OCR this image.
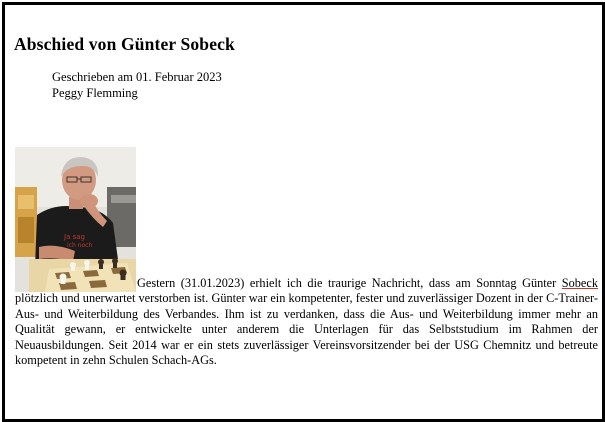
Abschied von Günter Sobeck
Geschrieben am 01. Februar 2023
Peggy Flemming
Ja sag
ich noch

Gestern (31.01.2023) erhielt ich die traurige Nachricht, dass am Sonntag Günter Sobeck plötzlich und unerwartet verstorben ist. Günter war ein kompetenter, fester und zuverlässiger Dozent in der C-Trainer-Aus- und Weiterbildung des Verbandes. Ihm ist zu verdanken, dass die Aus- und Weiterbildung immer mehr an Qualität gewann, er entwickelte unter anderem die Unterlagen für das Selbststudium im Rahmen der Neuausbildungen. Seit 2014 war er ein stets zuverlässiger Vereinsvorsitzender bei der USG Chemnitz und betreute kompetent in zehn Schulen Schach-AGs.
